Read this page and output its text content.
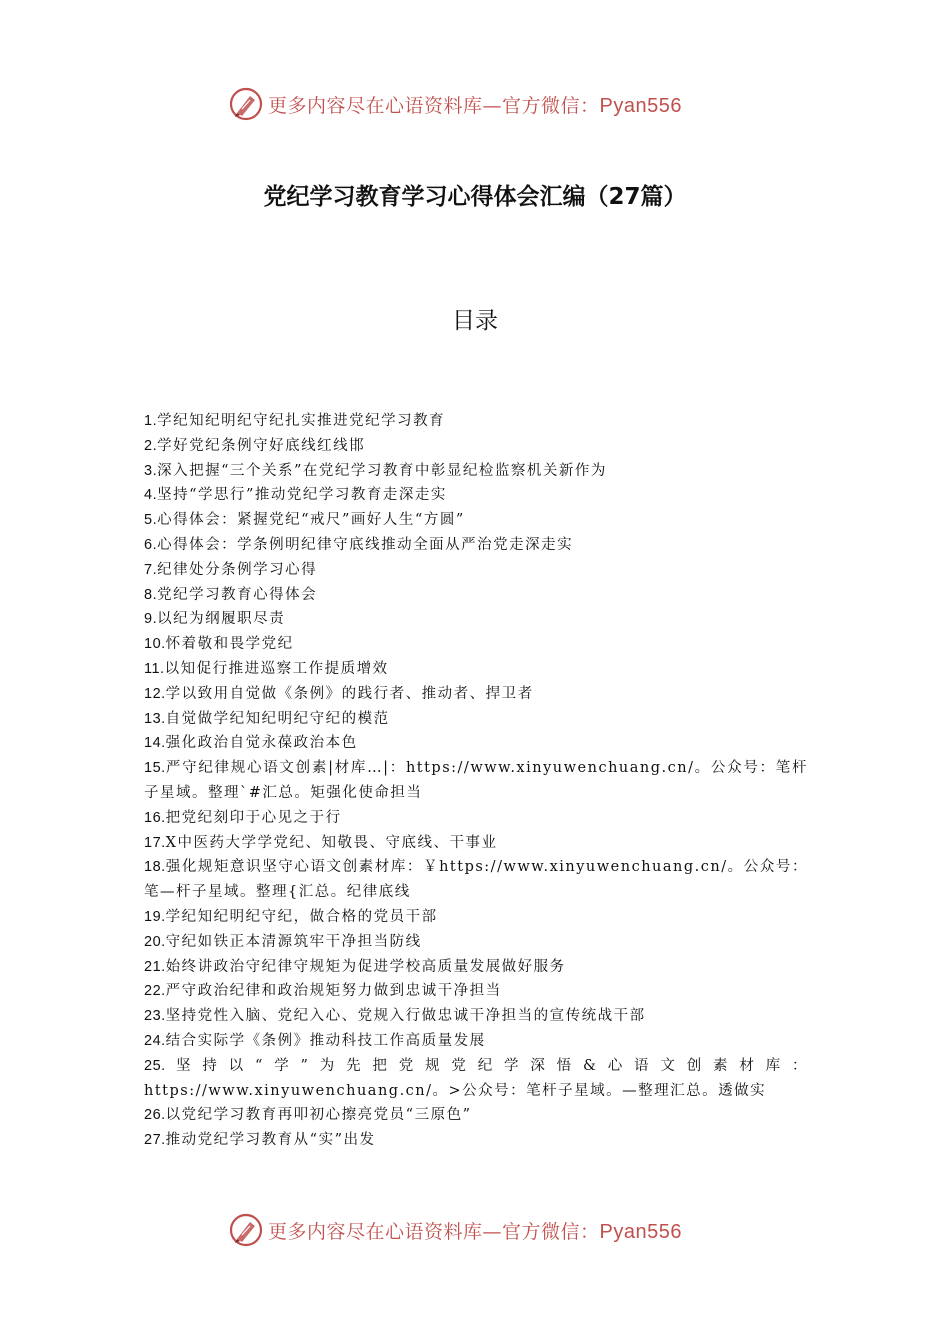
更多内容尽在心语资料库—官方微信：Pyan556
党纪学习教育学习心得体会汇编（27篇）
目录
1.学纪知纪明纪守纪扎实推进党纪学习教育
2.学好党纪条例守好底线红线邯
3.深入把握“三个关系”在党纪学习教育中彰显纪检监察机关新作为
4.坚持“学思行”推动党纪学习教育走深走实
5.心得体会：紧握党纪“戒尺”画好人生“方圆”
6.心得体会：学条例明纪律守底线推动全面从严治党走深走实
7.纪律处分条例学习心得
8.党纪学习教育心得体会
9.以纪为纲履职尽责
10.怀着敬和畏学党纪
11.以知促行推进巡察工作提质增效
12.学以致用自觉做《条例》的践行者、推动者、捍卫者
13.自觉做学纪知纪明纪守纪的模范
14.强化政治自觉永葆政治本色
15.严守纪律规心语文创素|材库…|：https://www.xinyuwenchuang.cn/。公众号：笔杆子星域。整理`#汇总。矩强化使命担当
16.把党纪刻印于心见之于行
17.X中医药大学学党纪、知敬畏、守底线、干事业
18.强化规矩意识坚守心语文创素材库：￥https://www.xinyuwenchuang.cn/。公众号：笔—杆子星域。整理{汇总。纪律底线
19.学纪知纪明纪守纪，做合格的党员干部
20.守纪如铁正本清源筑牢干净担当防线
21.始终讲政治守纪律守规矩为促进学校高质量发展做好服务
22.严守政治纪律和政治规矩努力做到忠诚干净担当
23.坚持党性入脑、党纪入心、党规入行做忠诚干净担当的宣传统战干部
24.结合实际学《条例》推动科技工作高质量发展
25.坚持以“学”为先把党规党纪学深悟&心语文创素材库：https://www.xinyuwenchuang.cn/。>公众号：笔杆子星域。—整理汇总。透做实
26.以党纪学习教育再叩初心擦亮党员“三原色”
27.推动党纪学习教育从“实”出发
更多内容尽在心语资料库—官方微信：Pyan556
